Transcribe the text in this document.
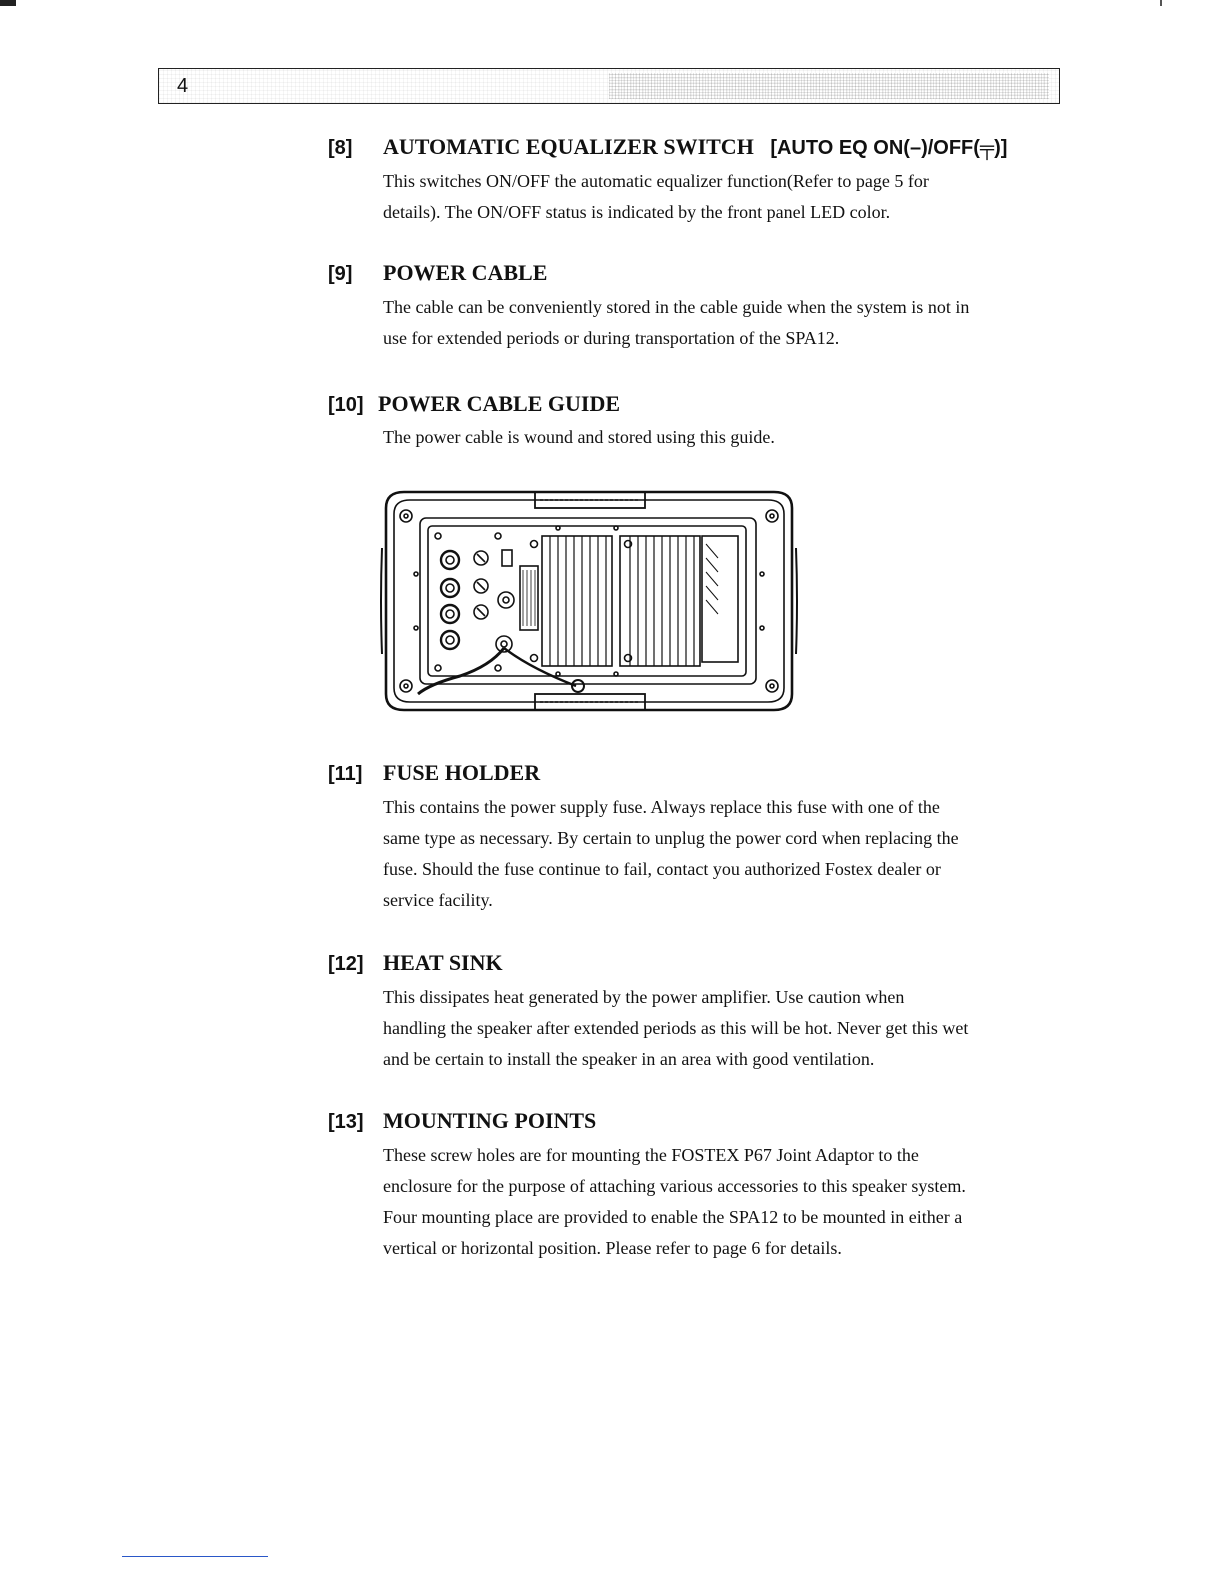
4
[8] AUTOMATIC EQUALIZER SWITCH [AUTO EQ ON(–)/OFF(╤)]
This switches ON/OFF the automatic equalizer function(Refer to page 5 for
details). The ON/OFF status is indicated by the front panel LED color.
[9] POWER CABLE
The cable can be conveniently stored in the cable guide when the system is not in
use for extended periods or during transportation of the SPA12.
[10] POWER CABLE GUIDE
The power cable is wound and stored using this guide.
[11] FUSE HOLDER
This contains the power supply fuse. Always replace this fuse with one of the
same type as necessary. By certain to unplug the power cord when replacing the
fuse. Should the fuse continue to fail, contact you authorized Fostex dealer or
service facility.
[12] HEAT SINK
This dissipates heat generated by the power amplifier. Use caution when
handling the speaker after extended periods as this will be hot. Never get this wet
and be certain to install the speaker in an area with good ventilation.
[13] MOUNTING POINTS
These screw holes are for mounting the FOSTEX P67 Joint Adaptor to the
enclosure for the purpose of attaching various accessories to this speaker system.
Four mounting place are provided to enable the SPA12 to be mounted in either a
vertical or horizontal position. Please refer to page 6 for details.
